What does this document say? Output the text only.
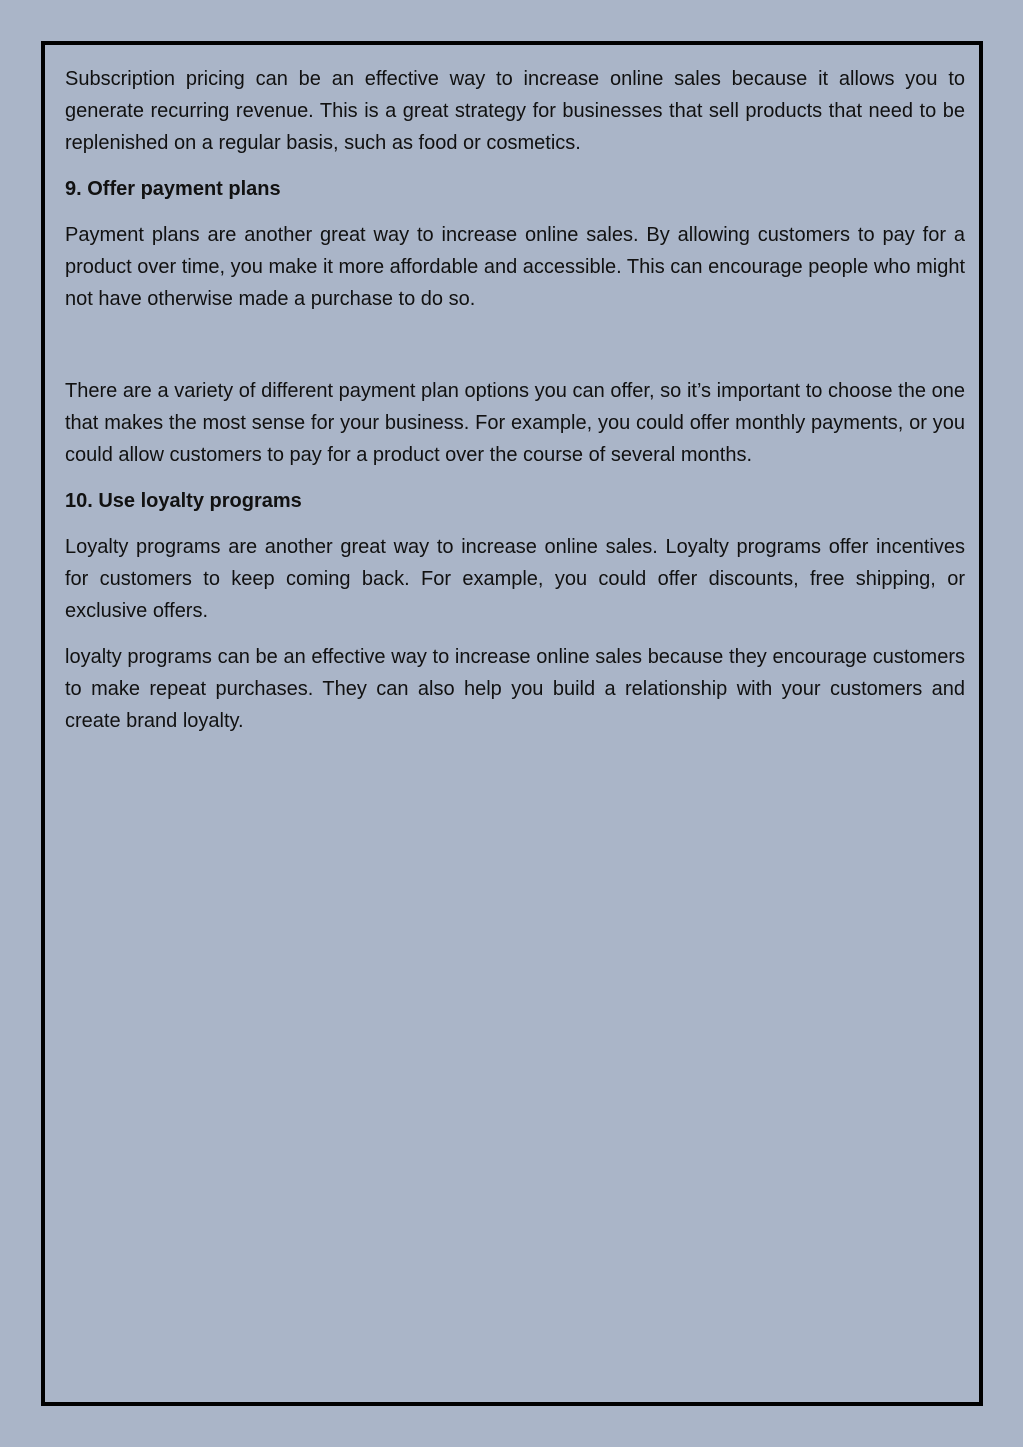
Subscription pricing can be an effective way to increase online sales because it allows you to generate recurring revenue. This is a great strategy for businesses that sell products that need to be replenished on a regular basis, such as food or cosmetics.

9. Offer payment plans

Payment plans are another great way to increase online sales. By allowing customers to pay for a product over time, you make it more affordable and accessible. This can encourage people who might not have otherwise made a purchase to do so.

There are a variety of different payment plan options you can offer, so it’s important to choose the one that makes the most sense for your business. For example, you could offer monthly payments, or you could allow customers to pay for a product over the course of several months.

10. Use loyalty programs

Loyalty programs are another great way to increase online sales. Loyalty programs offer incentives for customers to keep coming back. For example, you could offer discounts, free shipping, or exclusive offers.

loyalty programs can be an effective way to increase online sales because they encourage customers to make repeat purchases. They can also help you build a relationship with your customers and create brand loyalty.
